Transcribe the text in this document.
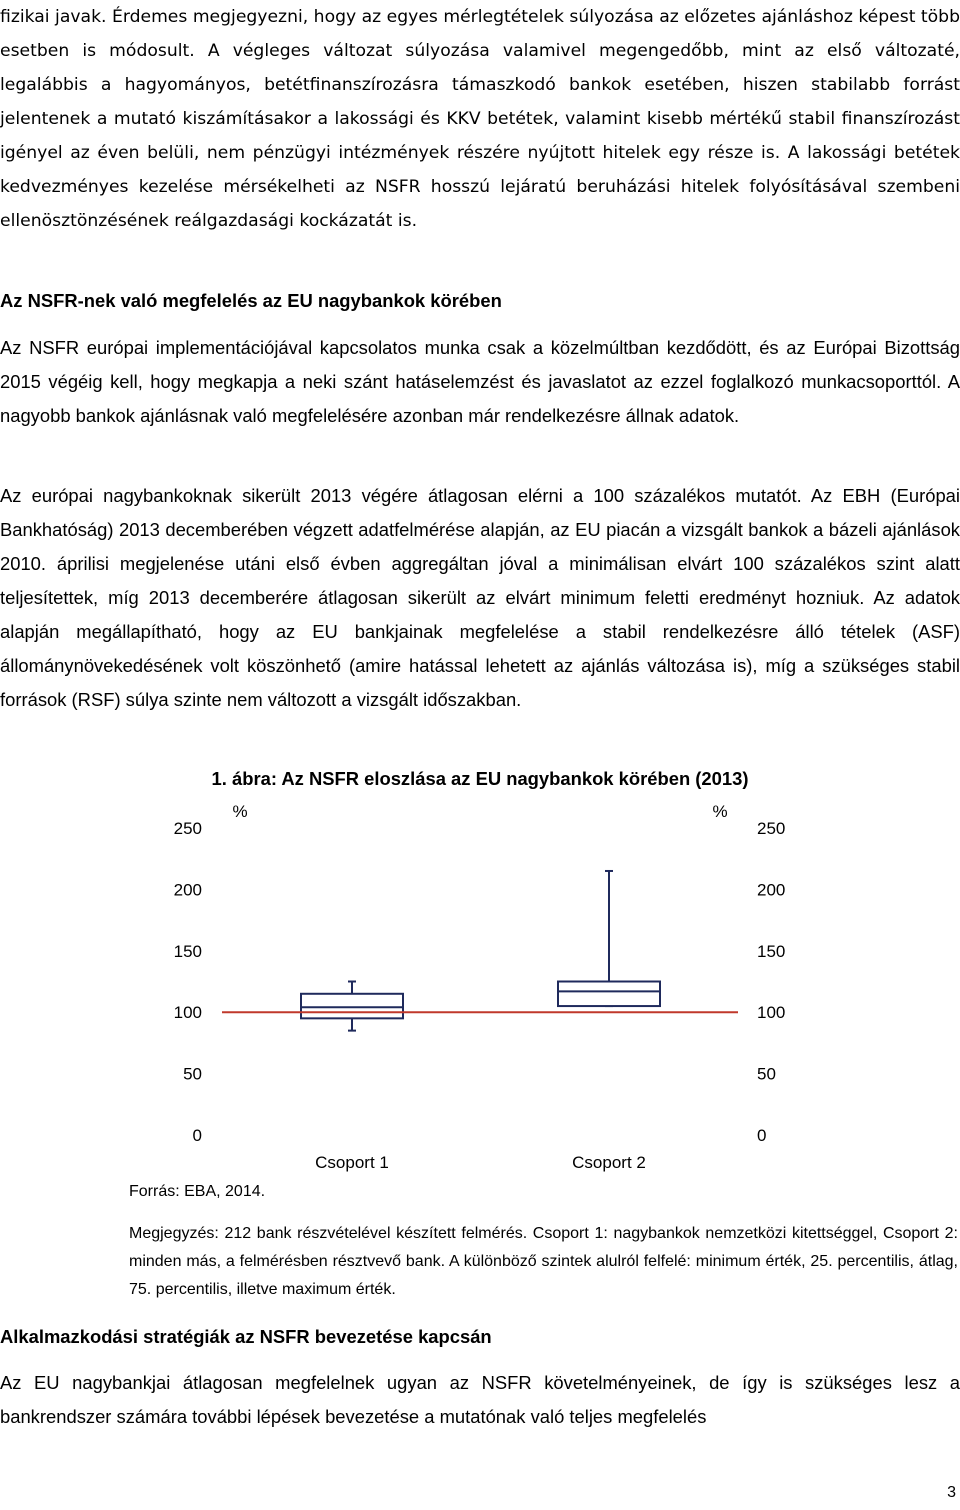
fizikai javak. Érdemes megjegyezni, hogy az egyes mérlegtételek súlyozása az előzetes ajánláshoz képest több esetben is módosult. A végleges változat súlyozása valamivel megengedőbb, mint az első változaté, legalábbis a hagyományos, betétfinanszírozásra támaszkodó bankok esetében, hiszen stabilabb forrást jelentenek a mutató kiszámításakor a lakossági és KKV betétek, valamint kisebb mértékű stabil finanszírozást igényel az éven belüli, nem pénzügyi intézmények részére nyújtott hitelek egy része is. A lakossági betétek kedvezményes kezelése mérsékelheti az NSFR hosszú lejáratú beruházási hitelek folyósításával szembeni ellenösztönzésének reálgazdasági kockázatát is.

Az NSFR-nek való megfelelés az EU nagybankok körében

Az NSFR európai implementációjával kapcsolatos munka csak a közelmúltban kezdődött, és az Európai Bizottság 2015 végéig kell, hogy megkapja a neki szánt hatáselemzést és javaslatot az ezzel foglalkozó munkacsoporttól. A nagyobb bankok ajánlásnak való megfelelésére azonban már rendelkezésre állnak adatok.

Az európai nagybankoknak sikerült 2013 végére átlagosan elérni a 100 százalékos mutatót. Az EBH (Európai Bankhatóság) 2013 decemberében végzett adatfelmérése alapján, az EU piacán a vizsgált bankok a bázeli ajánlások 2010. áprilisi megjelenése utáni első évben aggregáltan jóval a minimálisan elvárt 100 százalékos szint alatt teljesítettek, míg 2013 decemberére átlagosan sikerült az elvárt minimum feletti eredményt hozniuk. Az adatok alapján megállapítható, hogy az EU bankjainak megfelelése a stabil rendelkezésre álló tételek (ASF) állománynövekedésének volt köszönhető (amire hatással lehetett az ajánlás változása is), míg a szükséges stabil források (RSF) súlya szinte nem változott a vizsgált időszakban.

1. ábra: Az NSFR eloszlása az EU nagybankok körében (2013)
%	%
0	0
50	50
100	100
150	150
200	200
250	250
Csoport 1	Csoport 2
Forrás: EBA, 2014.

Megjegyzés: 212 bank részvételével készített felmérés. Csoport 1: nagybankok nemzetközi kitettséggel, Csoport 2: minden más, a felmérésben résztvevő bank. A különböző szintek alulról felfelé: minimum érték, 25. percentilis, átlag, 75. percentilis, illetve maximum érték.

Alkalmazkodási stratégiák az NSFR bevezetése kapcsán

Az EU nagybankjai átlagosan megfelelnek ugyan az NSFR követelményeinek, de így is szükséges lesz a bankrendszer számára további lépések bevezetése a mutatónak való teljes megfelelés

3
